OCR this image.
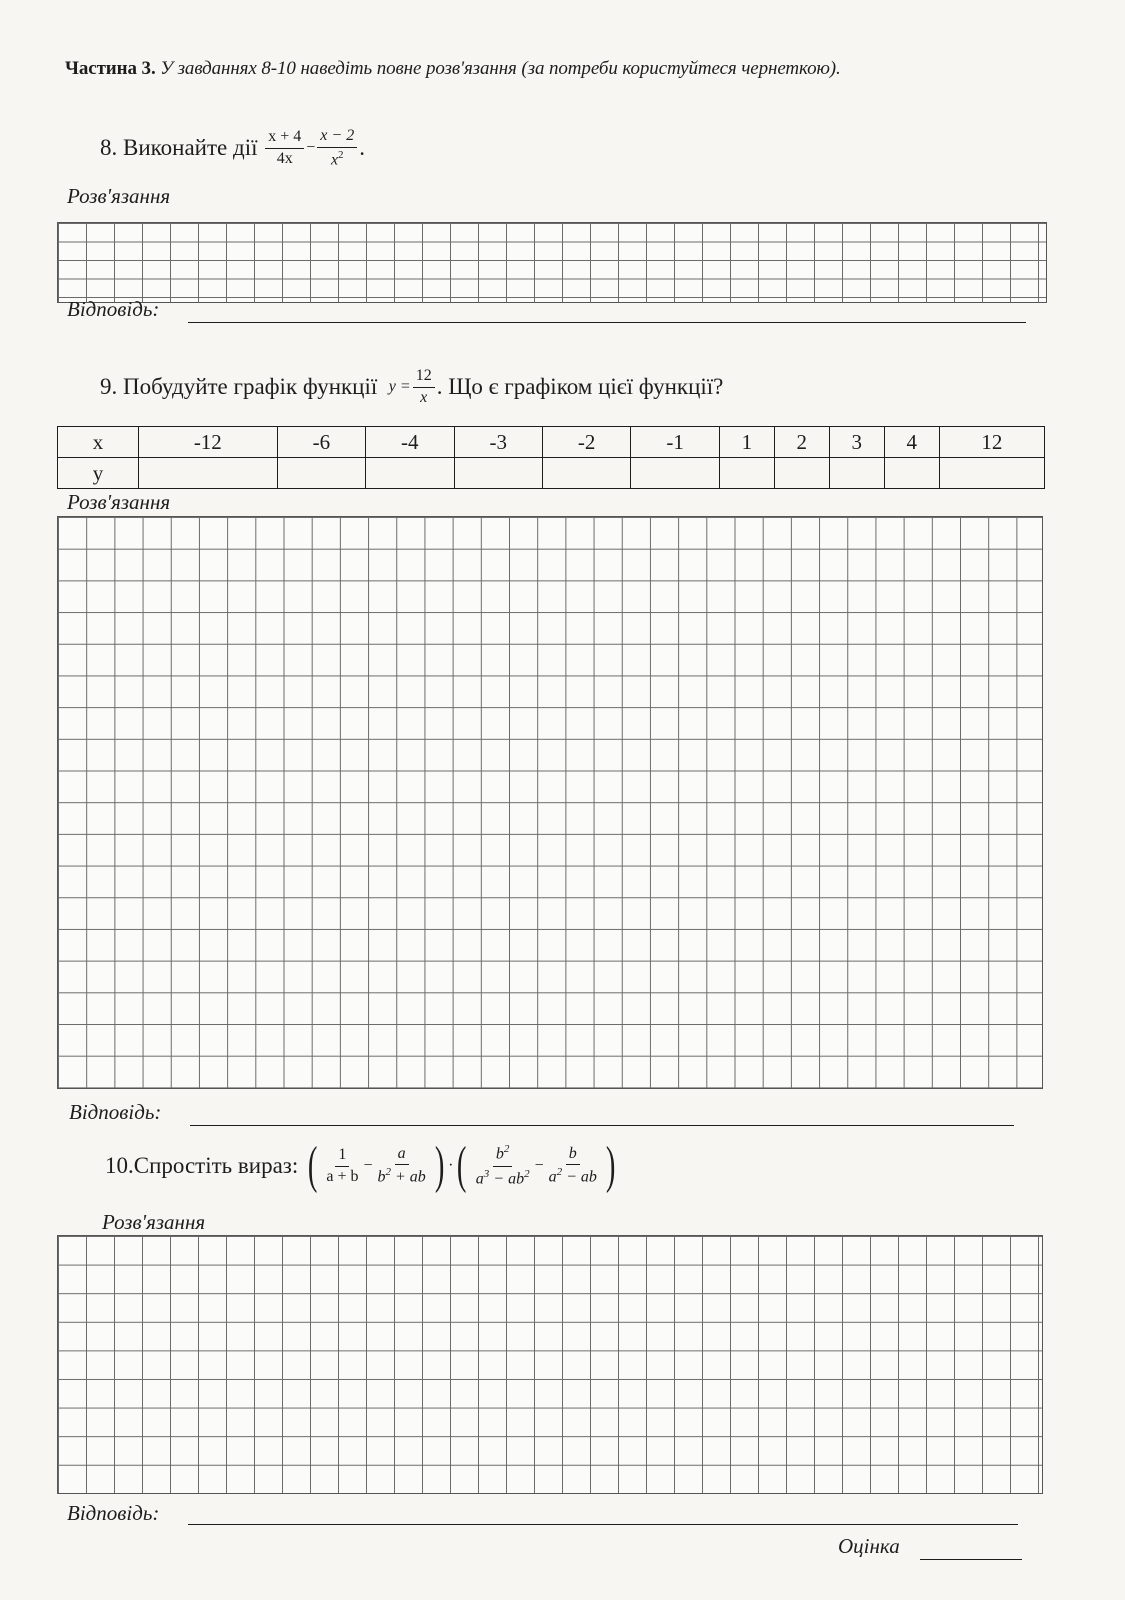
Частина 3. У завданнях 8-10 наведіть повне розв'язання (за потреби користуйтеся чернеткою).
8.
Виконайте дії
$\frac{x + 4}{4x} - \frac{x - 2}{x^2}$ .
Розв'язання
Відповідь:
9.
Побудуйте графік функції
$y = \frac{12}{x}$ . Що є графіком цієї функції?
x	-12	-6	-4	-3	-2	-1	1	2	3	4	12
y											
Розв'язання
Відповідь:
10. Спростіть вираз:
( $\frac{1}{a + b} - \frac{a}{b^2 + ab}$ ) · ( $\frac{b^2}{a^3 - ab^2} - \frac{b}{a^2 - ab}$ )
Розв'язання
Відповідь:
Оцінка
